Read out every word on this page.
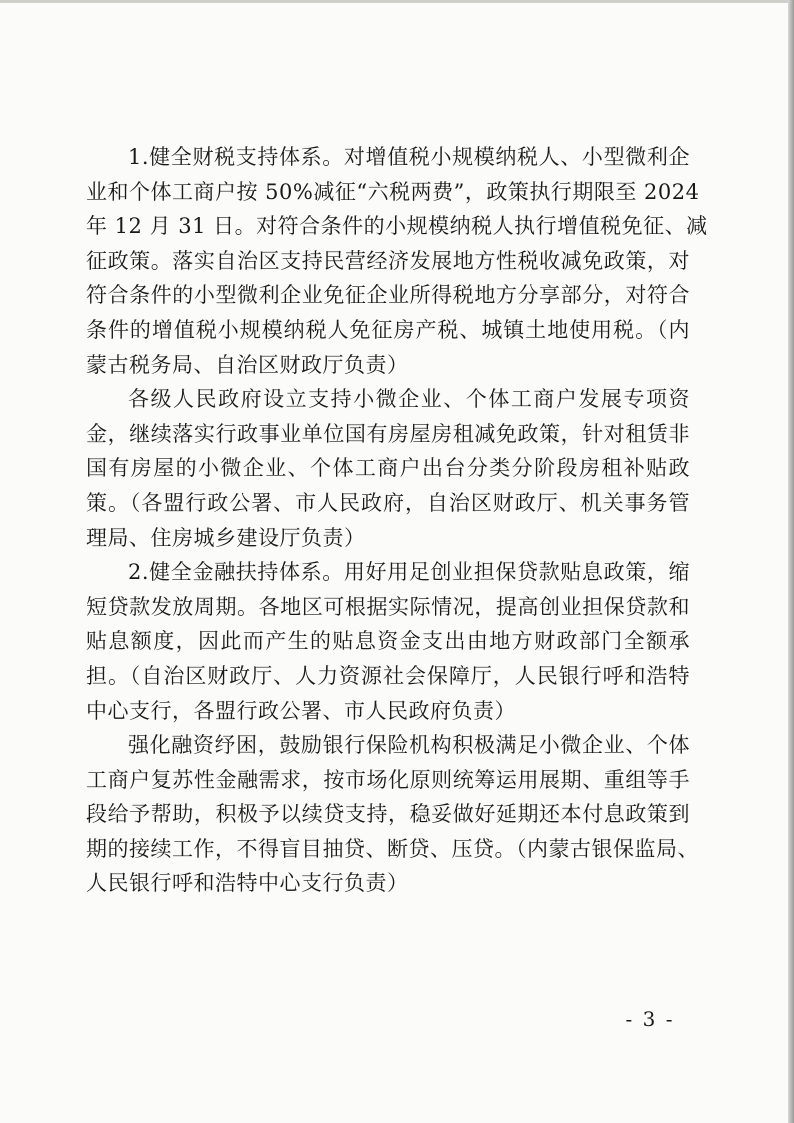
1.健全财税支持体系。对增值税小规模纳税人、小型微利企
业和个体工商户按 50%减征“六税两费”，政策执行期限至 2024
年 12 月 31 日。对符合条件的小规模纳税人执行增值税免征、减
征政策。落实自治区支持民营经济发展地方性税收减免政策，对
符合条件的小型微利企业免征企业所得税地方分享部分，对符合
条件的增值税小规模纳税人免征房产税、城镇土地使用税。（内
蒙古税务局、自治区财政厅负责）
各级人民政府设立支持小微企业、个体工商户发展专项资
金，继续落实行政事业单位国有房屋房租减免政策，针对租赁非
国有房屋的小微企业、个体工商户出台分类分阶段房租补贴政
策。（各盟行政公署、市人民政府，自治区财政厅、机关事务管
理局、住房城乡建设厅负责）
2.健全金融扶持体系。用好用足创业担保贷款贴息政策，缩
短贷款发放周期。各地区可根据实际情况，提高创业担保贷款和
贴息额度，因此而产生的贴息资金支出由地方财政部门全额承
担。（自治区财政厅、人力资源社会保障厅，人民银行呼和浩特
中心支行，各盟行政公署、市人民政府负责）
强化融资纾困，鼓励银行保险机构积极满足小微企业、个体
工商户复苏性金融需求，按市场化原则统筹运用展期、重组等手
段给予帮助，积极予以续贷支持，稳妥做好延期还本付息政策到
期的接续工作，不得盲目抽贷、断贷、压贷。（内蒙古银保监局、
人民银行呼和浩特中心支行负责）
- 3 -
